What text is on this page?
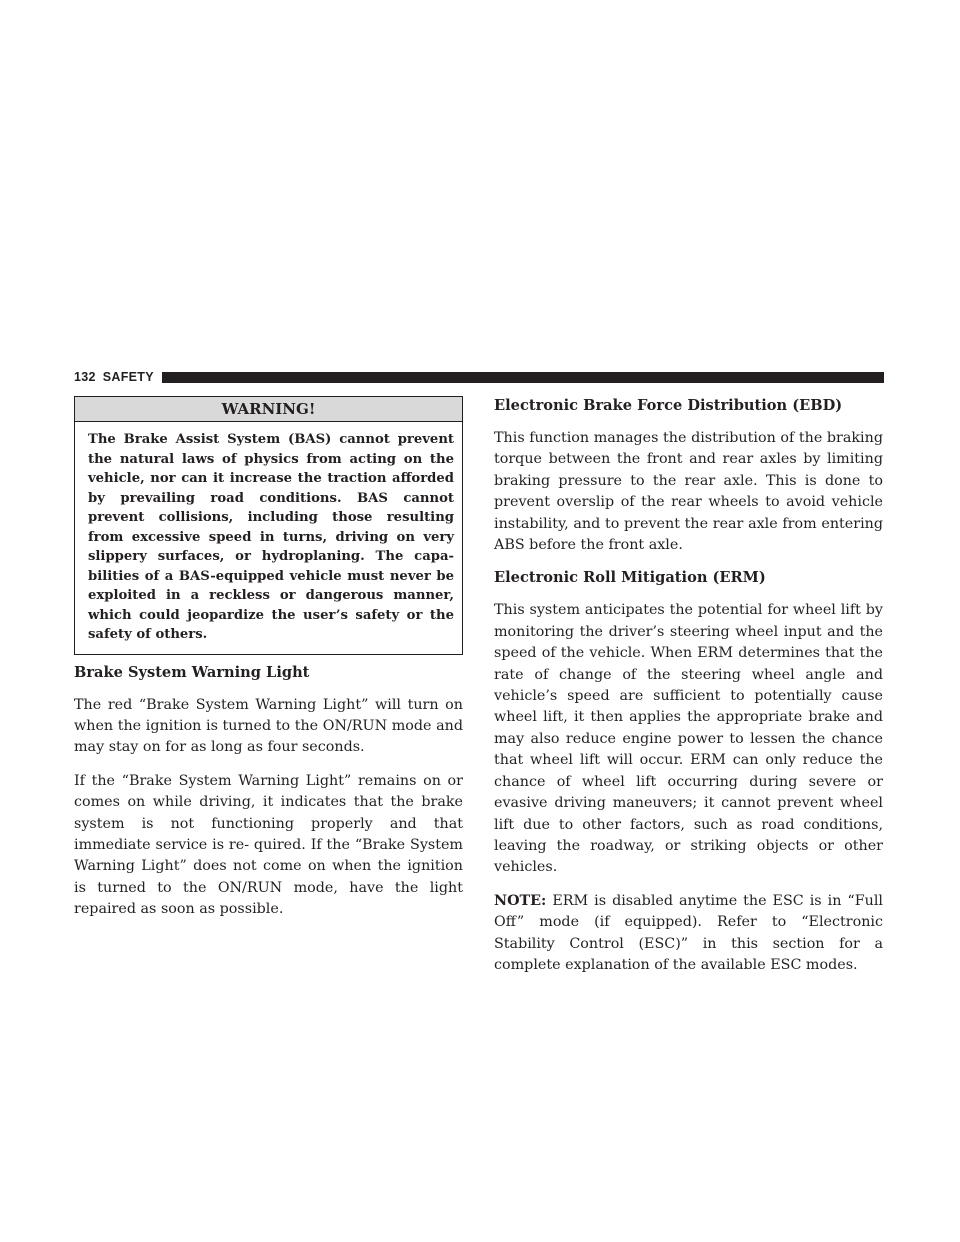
132 SAFETY
WARNING!

The Brake Assist System (BAS) cannot prevent the natural laws of physics from acting on the vehicle, nor can it increase the traction afforded by prevailing road conditions. BAS cannot prevent collisions, including those resulting from excessive speed in turns, driving on very slippery surfaces, or hydroplaning. The capa- bilities of a BAS-equipped vehicle must never be exploited in a reckless or dangerous manner, which could jeopardize the user’s safety or the safety of others.

Brake System Warning Light

The red “Brake System Warning Light” will turn on when the ignition is turned to the ON/RUN mode and may stay on for as long as four seconds.

If the “Brake System Warning Light” remains on or comes on while driving, it indicates that the brake system is not functioning properly and that immediate service is re- quired. If the “Brake System Warning Light” does not come on when the ignition is turned to the ON/RUN mode, have the light repaired as soon as possible.

Electronic Brake Force Distribution (EBD)

This function manages the distribution of the braking torque between the front and rear axles by limiting braking pressure to the rear axle. This is done to prevent overslip of the rear wheels to avoid vehicle instability, and to prevent the rear axle from entering ABS before the front axle.

Electronic Roll Mitigation (ERM)

This system anticipates the potential for wheel lift by monitoring the driver’s steering wheel input and the speed of the vehicle. When ERM determines that the rate of change of the steering wheel angle and vehicle’s speed are sufficient to potentially cause wheel lift, it then applies the appropriate brake and may also reduce engine power to lessen the chance that wheel lift will occur. ERM can only reduce the chance of wheel lift occurring during severe or evasive driving maneuvers; it cannot prevent wheel lift due to other factors, such as road conditions, leaving the roadway, or striking objects or other vehicles.

NOTE: ERM is disabled anytime the ESC is in “Full Off” mode (if equipped). Refer to “Electronic Stability Control (ESC)” in this section for a complete explanation of the available ESC modes.
